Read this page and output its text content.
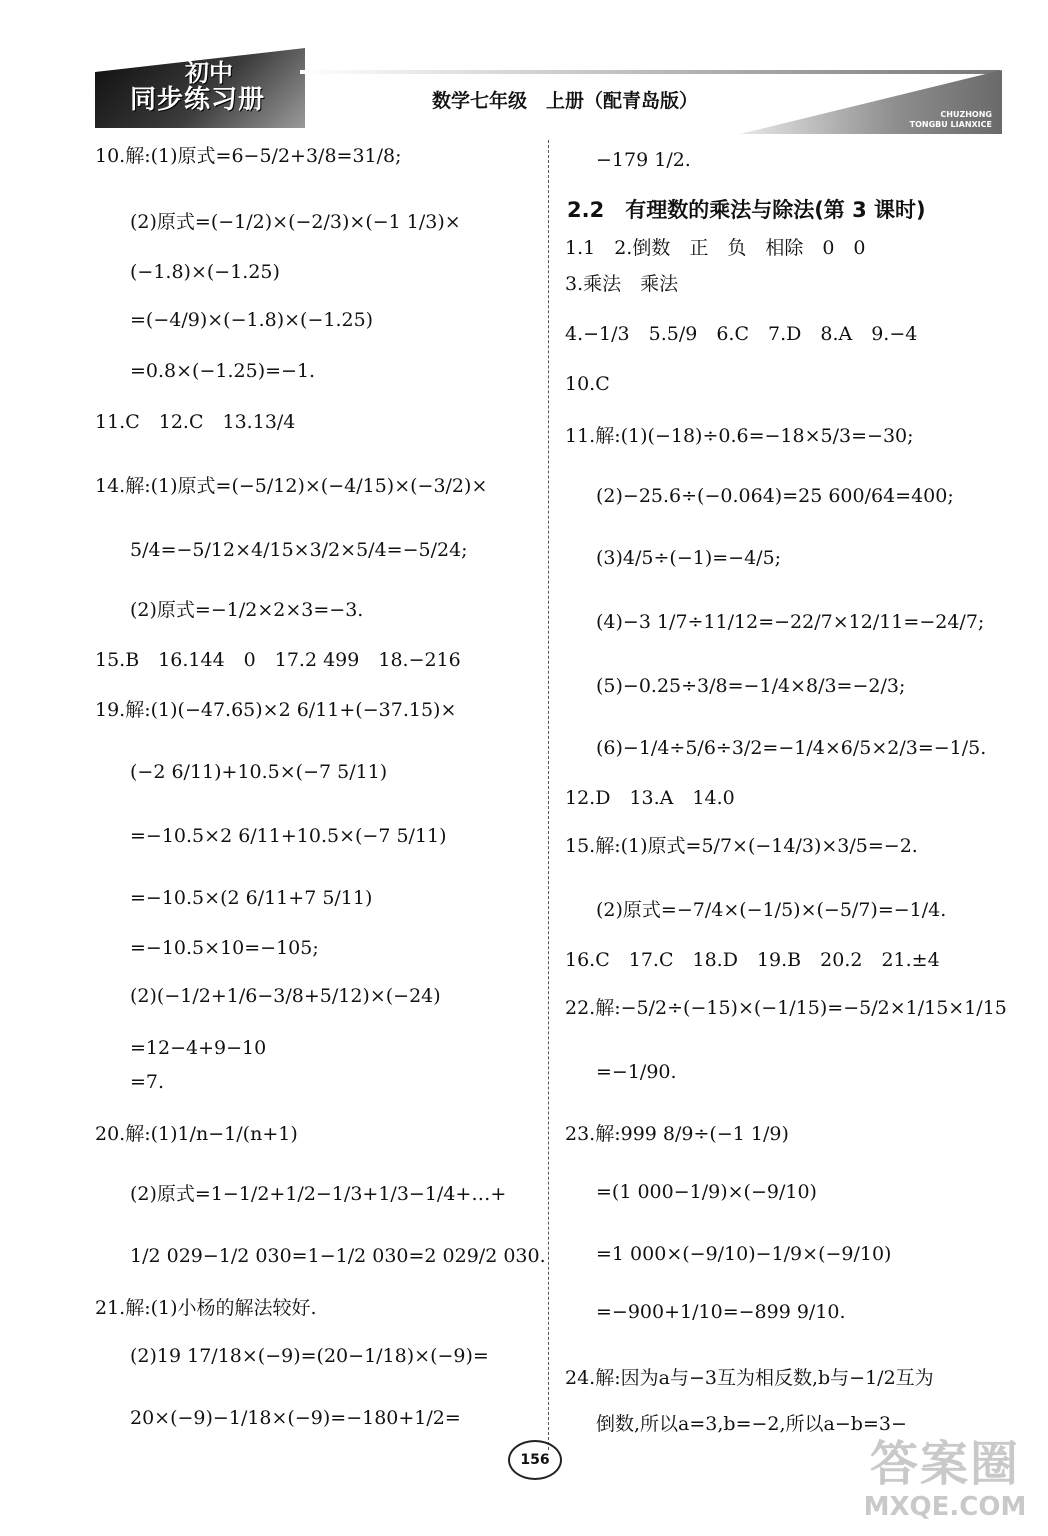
初中
同步练习册	数学七年级　上册（配青岛版）
CHUZHONG
TONGBU LIANXICE
10.解:(1)原式=6−5/2+3/8=31/8;
(2)原式=(−1/2)×(−2/3)×(−1 1/3)×
(−1.8)×(−1.25)
=(−4/9)×(−1.8)×(−1.25)
=0.8×(−1.25)=−1.
11.C　12.C　13.13/4
14.解:(1)原式=(−5/12)×(−4/15)×(−3/2)×
5/4=−5/12×4/15×3/2×5/4=−5/24;
(2)原式=−1/2×2×3=−3.
15.B　16.144　0　17.2 499　18.−216
19.解:(1)(−47.65)×2 6/11+(−37.15)×
(−2 6/11)+10.5×(−7 5/11)
=−10.5×2 6/11+10.5×(−7 5/11)
=−10.5×(2 6/11+7 5/11)
=−10.5×10=−105;
(2)(−1/2+1/6−3/8+5/12)×(−24)
=12−4+9−10
=7.
20.解:(1)1/n−1/(n+1)
(2)原式=1−1/2+1/2−1/3+1/3−1/4+…+
1/2 029−1/2 030=1−1/2 030=2 029/2 030.
21.解:(1)小杨的解法较好.
(2)19 17/18×(−9)=(20−1/18)×(−9)=
20×(−9)−1/18×(−9)=−180+1/2=
−179 1/2.
2.2　有理数的乘法与除法(第 3 课时)
1.1　2.倒数　正　负　相除　0　0
3.乘法　乘法
4.−1/3　5.5/9　6.C　7.D　8.A　9.−4
10.C
11.解:(1)(−18)÷0.6=−18×5/3=−30;
(2)−25.6÷(−0.064)=25 600/64=400;
(3)4/5÷(−1)=−4/5;
(4)−3 1/7÷11/12=−22/7×12/11=−24/7;
(5)−0.25÷3/8=−1/4×8/3=−2/3;
(6)−1/4÷5/6÷3/2=−1/4×6/5×2/3=−1/5.
12.D　13.A　14.0
15.解:(1)原式=5/7×(−14/3)×3/5=−2.
(2)原式=−7/4×(−1/5)×(−5/7)=−1/4.
16.C　17.C　18.D　19.B　20.2　21.±4
22.解:−5/2÷(−15)×(−1/15)=−5/2×1/15×1/15
=−1/90.
23.解:999 8/9÷(−1 1/9)
=(1 000−1/9)×(−9/10)
=1 000×(−9/10)−1/9×(−9/10)
=−900+1/10=−899 9/10.
24.解:因为a与−3互为相反数,b与−1/2互为
倒数,所以a=3,b=−2,所以a−b=3−
156	答案圈
MXQE.COM
